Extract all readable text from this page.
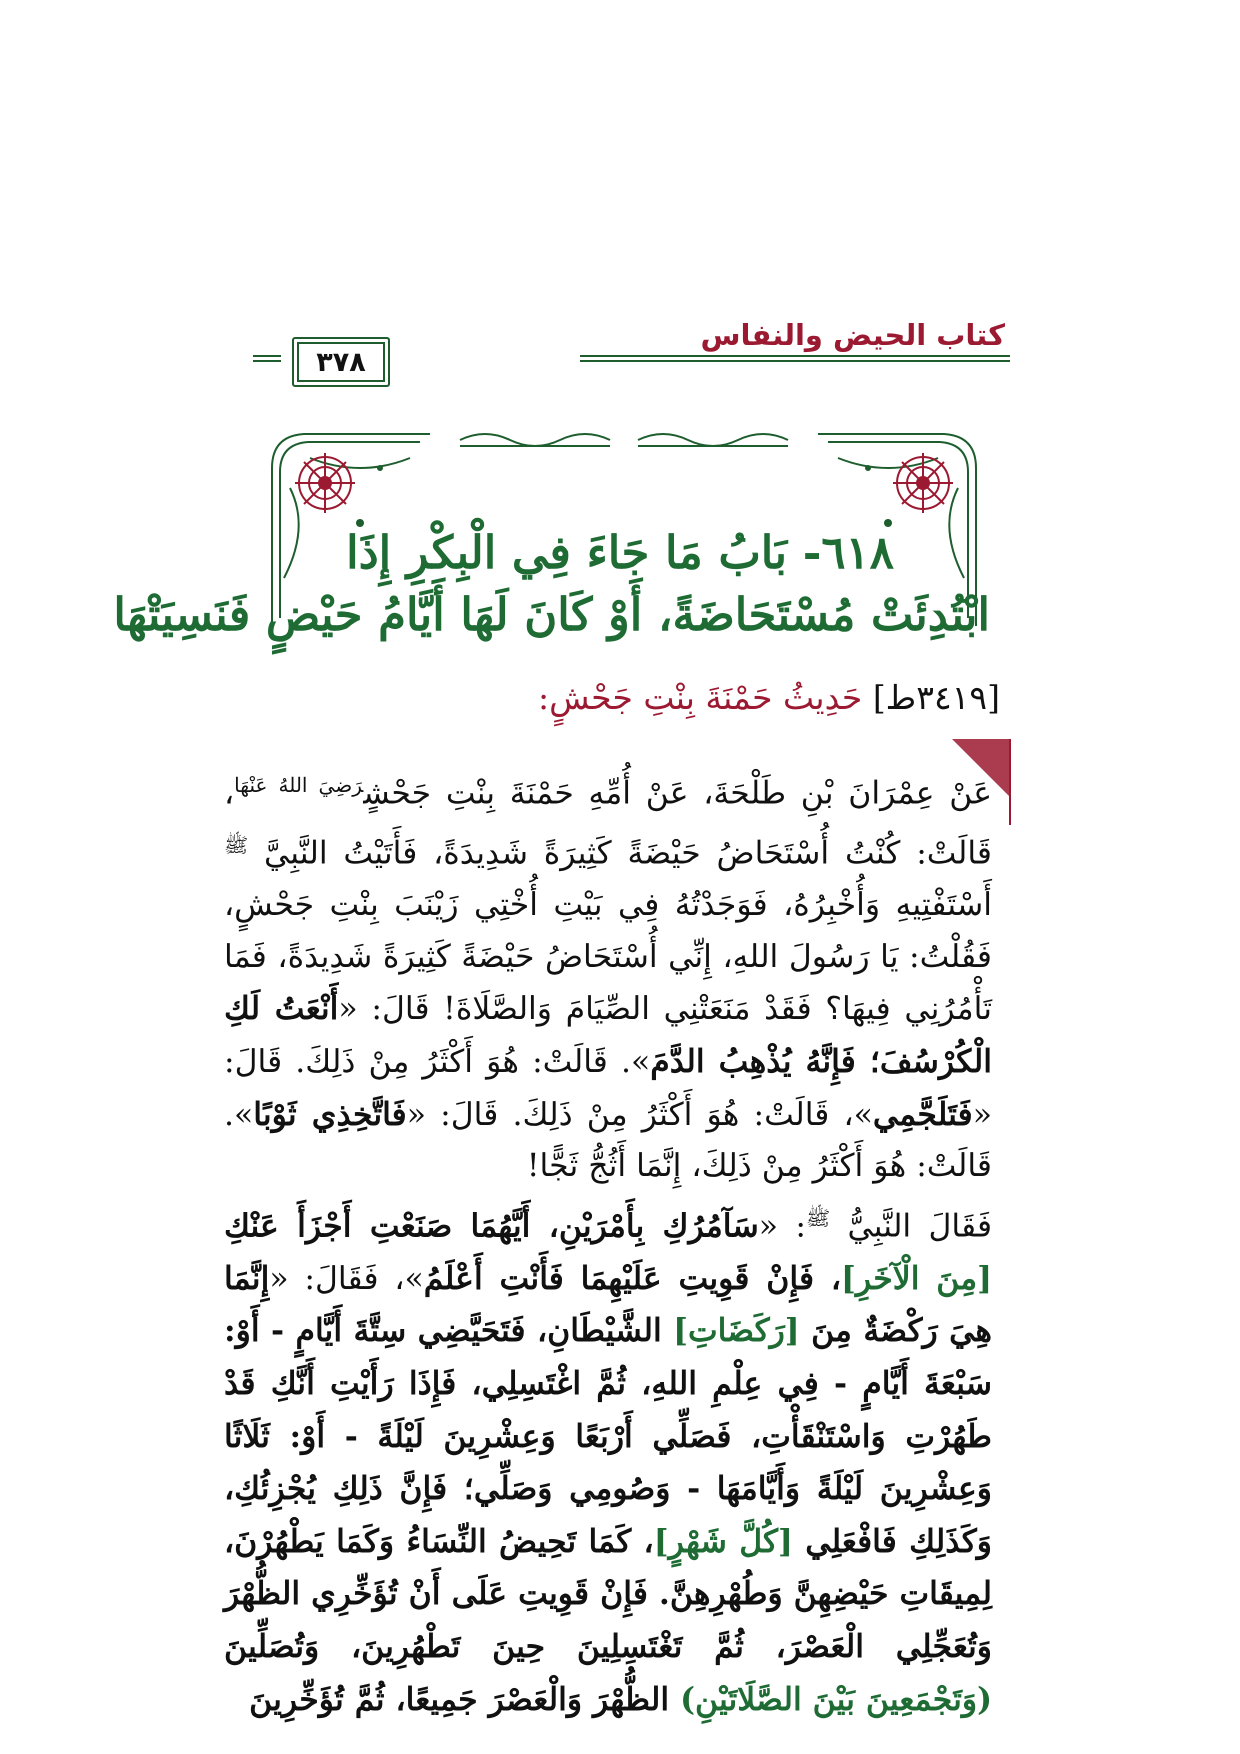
كتاب الحيض والنفاس
٣٧٨
٦١٨- بَابُ مَا جَاءَ فِي الْبِكْرِ إِذَا
ابْتُدِئَتْ مُسْتَحَاضَةً، أَوْ كَانَ لَهَا أَيَّامُ حَيْضٍ فَنَسِيَتْهَا
[٣٤١٩ط] حَدِيثُ حَمْنَةَ بِنْتِ جَحْشٍ:

عَنْ عِمْرَانَ بْنِ طَلْحَةَ، عَنْ أُمِّهِ حَمْنَةَ بِنْتِ جَحْشٍ$^{رَضِيَ اللهُ عَنْهَا}$، قَالَتْ: كُنْتُ أُسْتَحَاضُ حَيْضَةً كَثِيرَةً شَدِيدَةً، فَأَتَيْتُ النَّبِيَّ $^ﷺ$ أَسْتَفْتِيهِ وَأُخْبِرُهُ، فَوَجَدْتُهُ فِي بَيْتِ أُخْتِي زَيْنَبَ بِنْتِ جَحْشٍ، فَقُلْتُ: يَا رَسُولَ اللهِ، إِنِّي أُسْتَحَاضُ حَيْضَةً كَثِيرَةً شَدِيدَةً، فَمَا تَأْمُرُنِي فِيهَا؟ فَقَدْ مَنَعَتْنِي الصِّيَامَ وَالصَّلَاةَ! قَالَ: «أَنْعَتُ لَكِ الْكُرْسُفَ؛ فَإِنَّهُ يُذْهِبُ الدَّمَ». قَالَتْ: هُوَ أَكْثَرُ مِنْ ذَلِكَ. قَالَ: «فَتَلَجَّمِي»، قَالَتْ: هُوَ أَكْثَرُ مِنْ ذَلِكَ. قَالَ: «فَاتَّخِذِي ثَوْبًا». قَالَتْ: هُوَ أَكْثَرُ مِنْ ذَلِكَ، إِنَّمَا أَثُجُّ ثَجًّا!

فَقَالَ النَّبِيُّ $^ﷺ$: «سَآمُرُكِ بِأَمْرَيْنِ، أَيَّهُمَا صَنَعْتِ أَجْزَأَ عَنْكِ [مِنَ الْآخَرِ]، فَإِنْ قَوِيتِ عَلَيْهِمَا فَأَنْتِ أَعْلَمُ»، فَقَالَ: «إِنَّمَا هِيَ رَكْضَةٌ مِنَ [رَكَضَاتِ] الشَّيْطَانِ، فَتَحَيَّضِي سِتَّةَ أَيَّامٍ - أَوْ: سَبْعَةَ أَيَّامٍ - فِي عِلْمِ اللهِ، ثُمَّ اغْتَسِلِي، فَإِذَا رَأَيْتِ أَنَّكِ قَدْ طَهُرْتِ وَاسْتَنْقَأْتِ، فَصَلِّي أَرْبَعًا وَعِشْرِينَ لَيْلَةً - أَوْ: ثَلَاثًا وَعِشْرِينَ لَيْلَةً وَأَيَّامَهَا - وَصُومِي وَصَلِّي؛ فَإِنَّ ذَلِكِ يُجْزِئُكِ، وَكَذَلِكِ فَافْعَلِي [كُلَّ شَهْرٍ]، كَمَا تَحِيضُ النِّسَاءُ وَكَمَا يَطْهُرْنَ، لِمِيقَاتِ حَيْضِهِنَّ وَطُهْرِهِنَّ. فَإِنْ قَوِيتِ عَلَى أَنْ تُؤَخِّرِي الظُّهْرَ وَتُعَجِّلِي الْعَصْرَ، ثُمَّ تَغْتَسِلِينَ حِينَ تَطْهُرِينَ، وَتُصَلِّينَ (وَتَجْمَعِينَ بَيْنَ الصَّلَاتَيْنِ) الظُّهْرَ وَالْعَصْرَ جَمِيعًا، ثُمَّ تُؤَخِّرِينَ
